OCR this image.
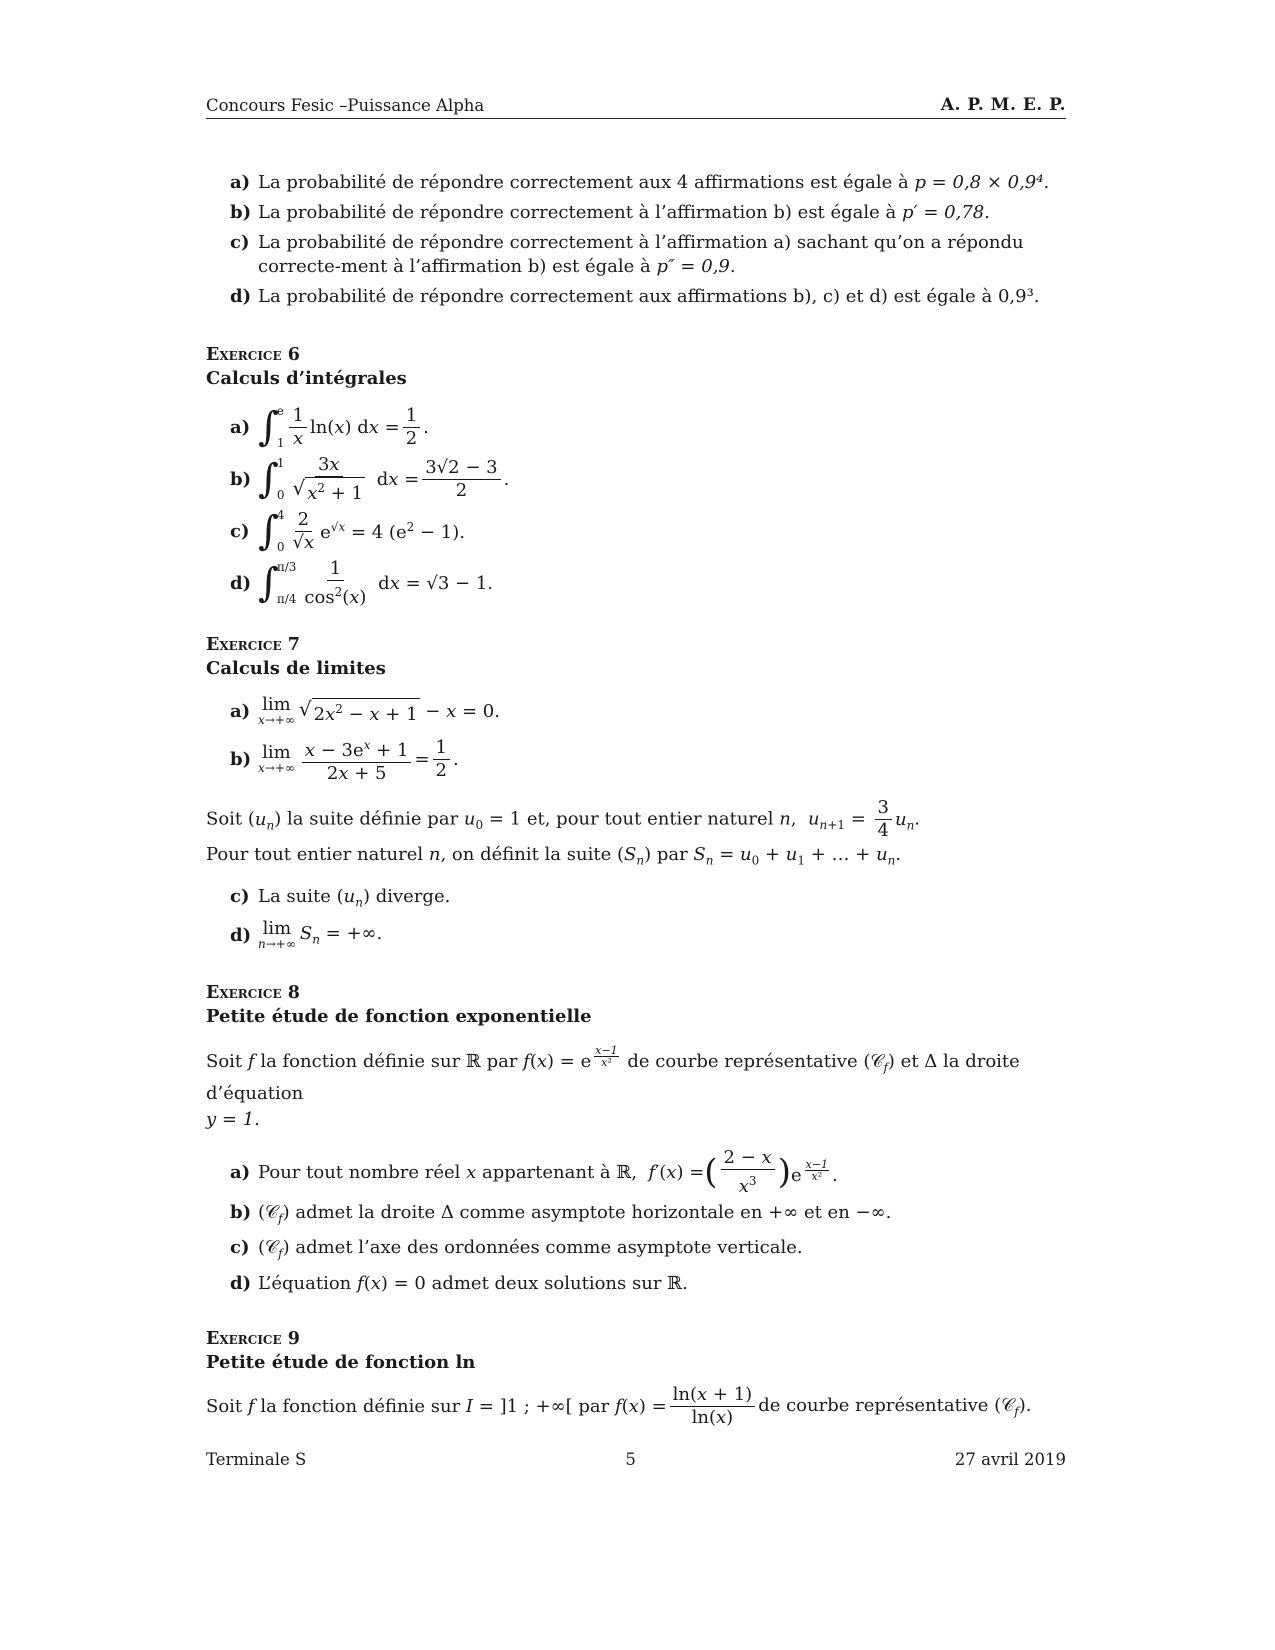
Concours Fesic –Puissance Alpha	A. P. M. E. P.
a) La probabilité de répondre correctement aux 4 affirmations est égale à p = 0,8 × 0,9⁴.
b) La probabilité de répondre correctement à l’affirmation b) est égale à p′ = 0,78.
c) La probabilité de répondre correctement à l’affirmation a) sachant qu’on a répondu correcte-ment à l’affirmation b) est égale à p″ = 0,9.
d) La probabilité de répondre correctement aux affirmations b), c) et d) est égale à 0,9³.
Exercice 6
Calculs d’intégrales
a) ∫
e
$1 \frac{1}{x} \ln(x)$ dx = $\frac{1}{2}$ .
b) ∫
1
$0 \frac{3x}{√ x^2 + 1}$ dx = $\frac{3√2 - 3}{2}$ .
c) ∫
4
$0 \frac{2}{√x} e^{√x} = 4$ $(e^2 - 1)$.
d) ∫
π/3
$\pi/4 \frac{1}{\cos^2(x)}$ dx = √3 − 1.
Exercice 7
Calculs de limites
a) lim
x→+∞ √ $2x^2 - x + 1 - x = 0$.
b) lim
$x\to+\infty \frac{x - 3e^x + 1}{2x + 5} = \frac{1}{2}$ .
Soit $(u_n)$ la suite définie par $u_0 = 1$ et, pour tout entier naturel n,  $u_{n+1} = \frac{3}{4} u_n$.
Pour tout entier naturel n, on définit la suite $(S_n)$ par $S_n = u_0 + u_1$ + … + $u_n$.
c) La suite $(u_n)$ diverge.
d) lim
n→+∞ $S_n$ = +∞.
Exercice 8
Petite étude de fonction exponentielle
Soit f la fonction définie sur ℝ par f(x) = e $^{\frac{x-1}{\text{x²}}}$ de courbe représentative (𝒞$_f$) et Δ la droite d’équation
y = 1.
a) Pour tout nombre réel x appartenant à ℝ, f′(x) = ( $\frac{2 - x}{x^3}$ ) e $^{\frac{x-1}{\text{x²}}}$ .
b) (𝒞$_f$) admet la droite Δ comme asymptote horizontale en +∞ et en −∞.
c) (𝒞$_f$) admet l’axe des ordonnées comme asymptote verticale.
d) L’équation f(x) = 0 admet deux solutions sur ℝ.
Exercice 9
Petite étude de fonction ln
Soit f la fonction définie sur I = ]1 ; +∞[ par $f(x) = \frac{\ln(x + 1)}{\ln(x)}$ de courbe représentative (𝒞$_f$).
Terminale S	5	27 avril 2019
